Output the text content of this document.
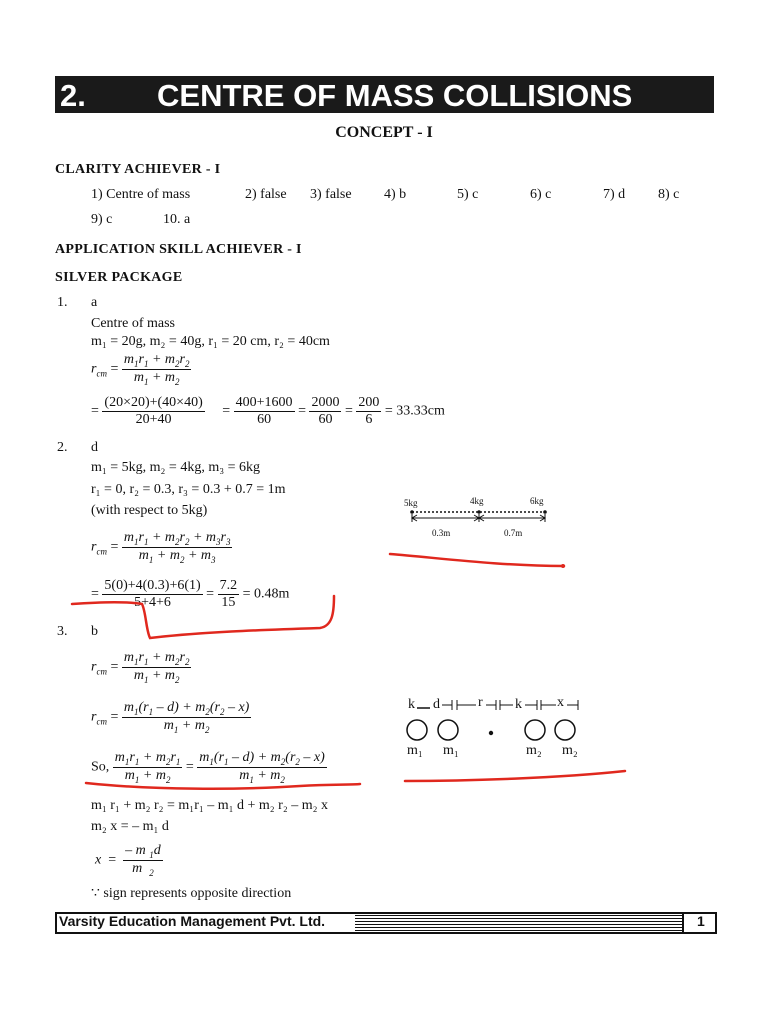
2. CENTRE OF MASS COLLISIONS
CONCEPT - I
CLARITY ACHIEVER - I
1) Centre of mass	2) false 3) false 4) b	5) c	6) c	7) d 8) c
9) c	10. a
APPLICATION SKILL ACHIEVER - I
SILVER PACKAGE
1. a
Centre of mass
m₁ = 20g, m₂ = 40g, r₁ = 20 cm, r₂ = 40cm
$r_{cm} = \frac{m_1r_1 + m_2r_2}{m_1 + m_2}$
= $\frac{(20\times 20)+(40\times 40)}{20+40} = \frac{400+1600}{60} = \frac{2000}{60} = \frac{200}{6} = 33.33cm$
2. d
m₁ = 5kg, m₂ = 4kg, m₃ = 6kg
r₁ = 0, r₂ = 0.3, r₃ = 0.3 + 0.7 = 1m
(with respect to 5kg)
$r_{cm} = \frac{m_1r_1 + m_2r_2 + m_3r_3}{m_1 + m_2 + m_3}$
= $\frac{5(0)+4(0.3)+6(1)}{5+4+6} = \frac{7.2}{15} = 0.48m$
5kg	4kg	6kg
0.3m	0.7m
3. b
$r_{cm} = \frac{m_1r_1 + m_2r_2}{m_1 + m_2}$
$r_{cm} = \frac{m_1(r_1 - d) + m_2(r_2 - x)}{m_1 + m_2}$
So, $\frac{m_1r_1 + m_2r_1}{m_1 + m_2} = \frac{m_1(r_1 - d) + m_2(r_2 - x)}{m_1 + m_2}$
m₁ r₁ + m₂ r₂ = m₁r₁ – m₁ d + m₂ r₂ – m₂ x
m₂ x = – m₁ d
$x = \frac{- m _1d}{m _2}$
∵ sign represents opposite direction
k d	r k	x
m₁ m₁	m₂ m₂
Varsity Education Management Pvt. Ltd.	1
